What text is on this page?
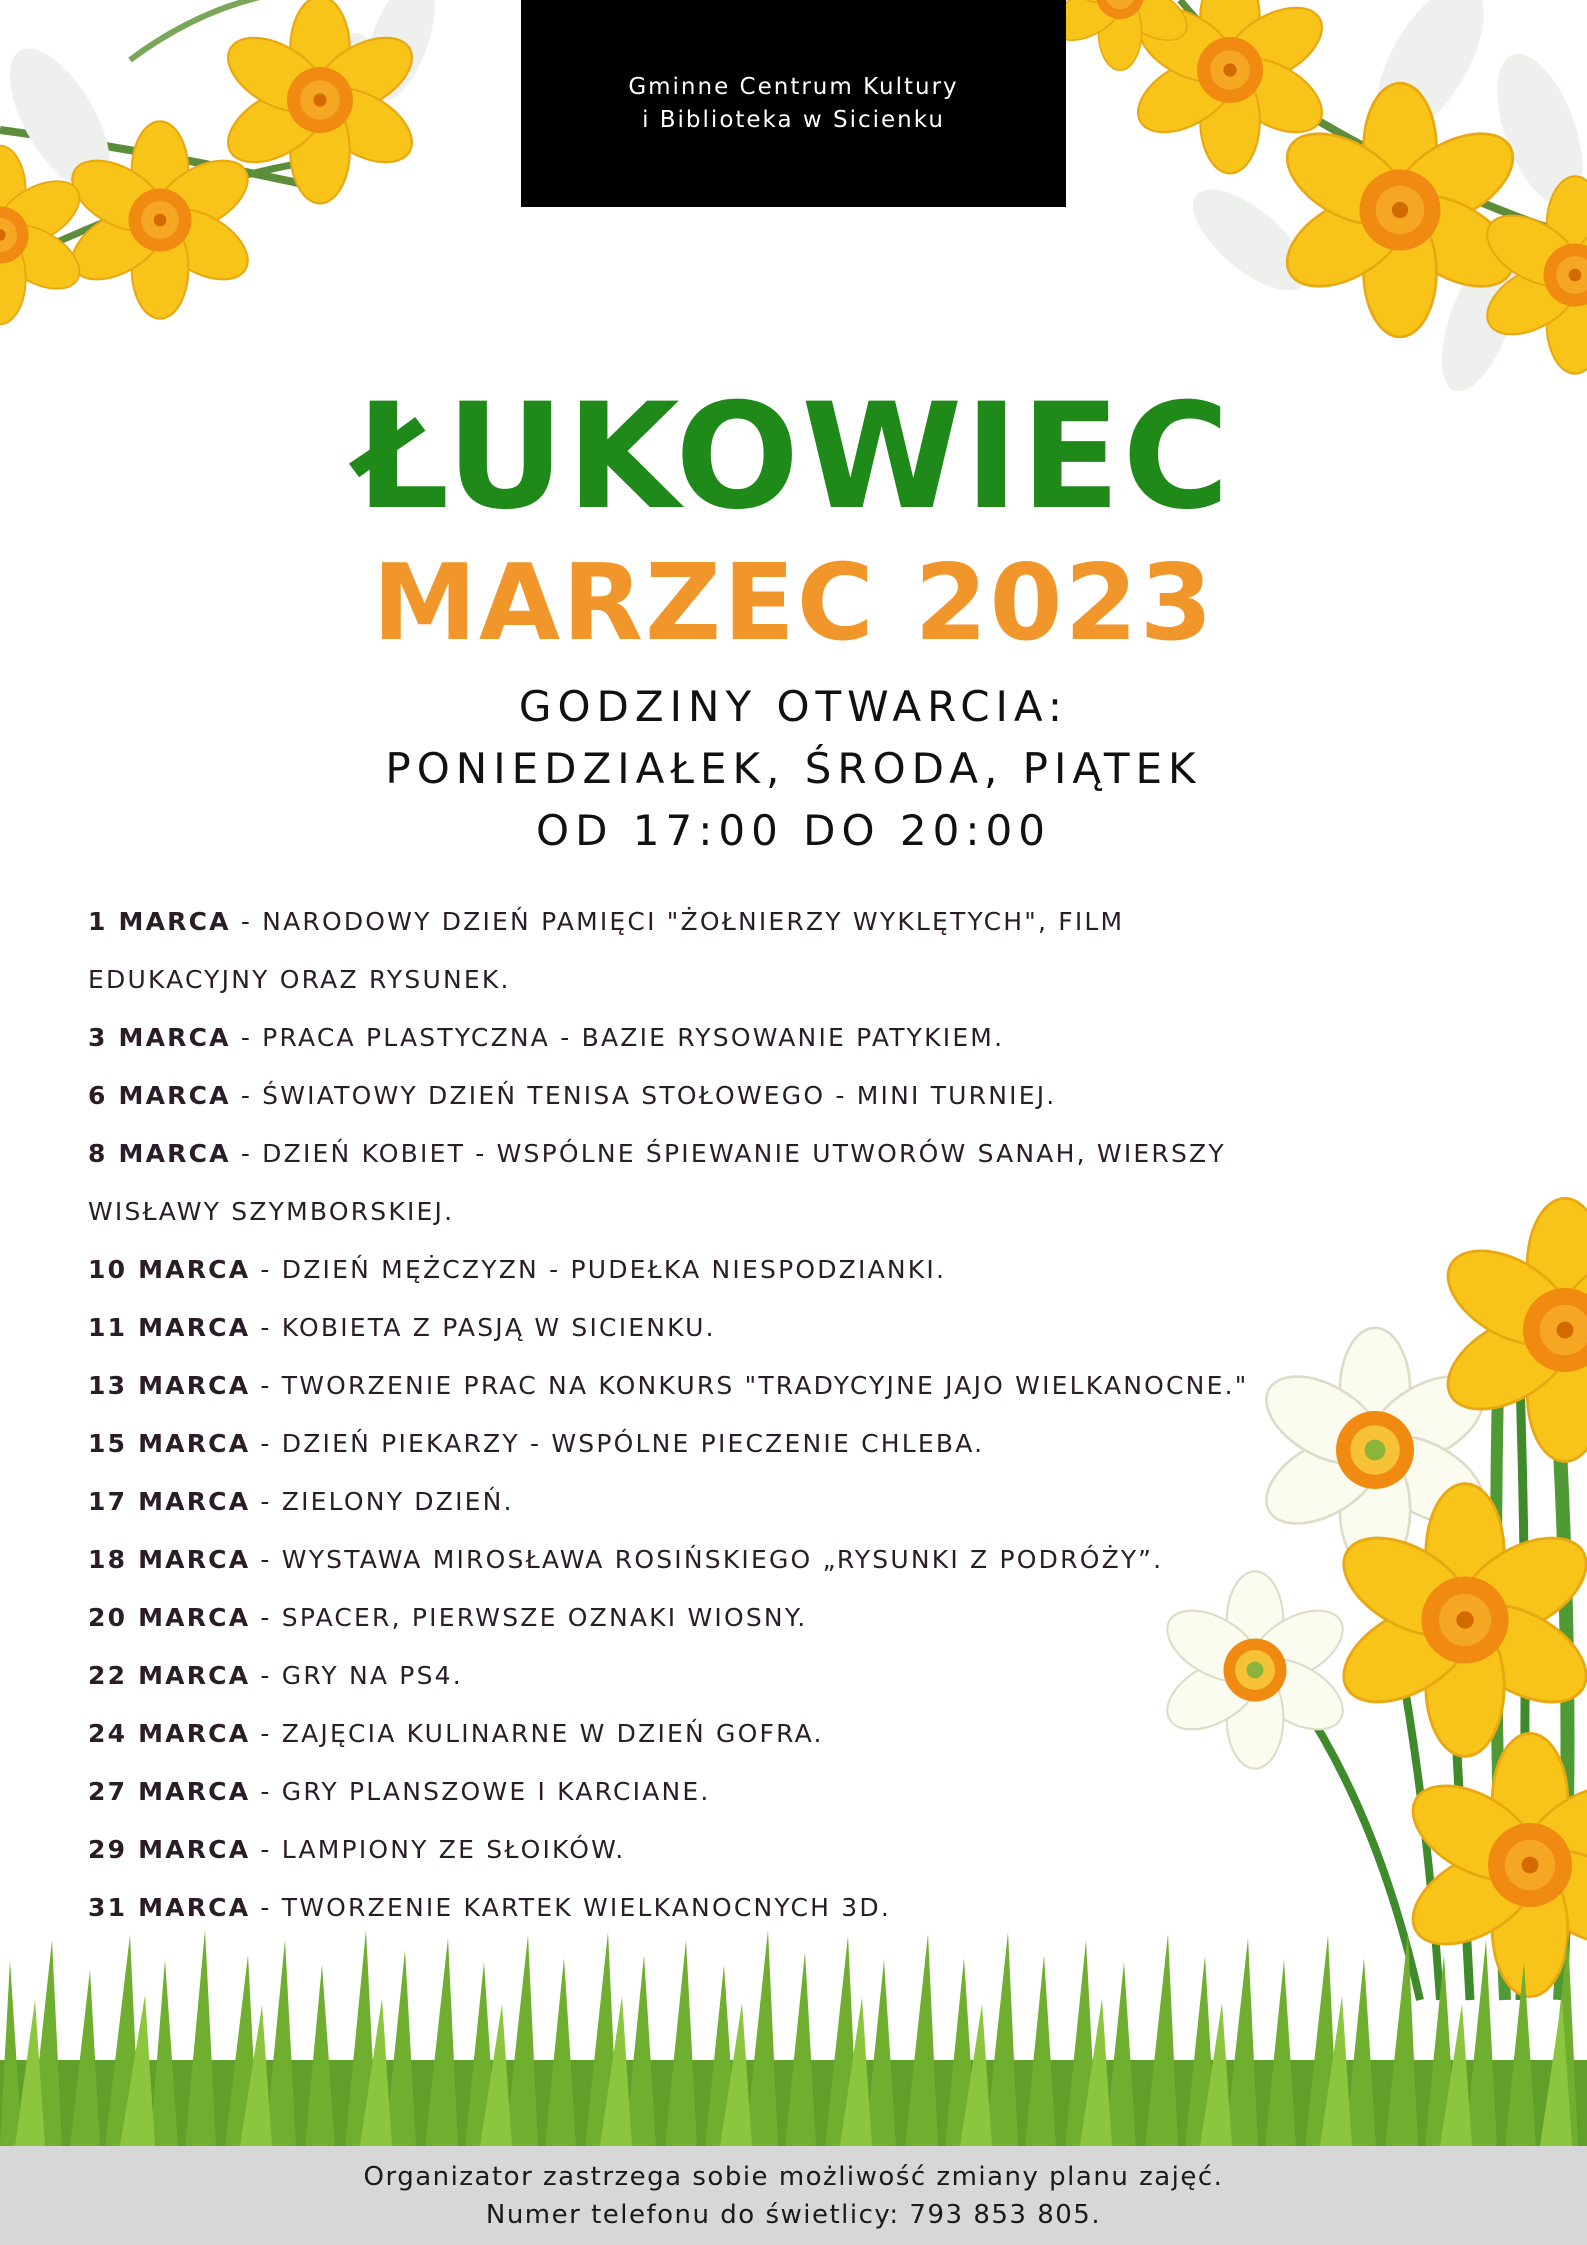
Gminne Centrum Kultury
i Biblioteka w Sicienku
ŁUKOWIEC
MARZEC 2023
GODZINY OTWARCIA:
PONIEDZIAŁEK, ŚRODA, PIĄTEK
OD 17:00 DO 20:00
1 MARCA - NARODOWY DZIEŃ PAMIĘCI "ŻOŁNIERZY WYKLĘTYCH", FILM
EDUKACYJNY ORAZ RYSUNEK.
3 MARCA - PRACA PLASTYCZNA - BAZIE RYSOWANIE PATYKIEM.
6 MARCA - ŚWIATOWY DZIEŃ TENISA STOŁOWEGO - MINI TURNIEJ.
8 MARCA - DZIEŃ KOBIET - WSPÓLNE ŚPIEWANIE UTWORÓW SANAH, WIERSZY
WISŁAWY SZYMBORSKIEJ.
10 MARCA - DZIEŃ MĘŻCZYZN - PUDEŁKA NIESPODZIANKI.
11 MARCA - KOBIETA Z PASJĄ W SICIENKU.
13 MARCA - TWORZENIE PRAC NA KONKURS "TRADYCYJNE JAJO WIELKANOCNE."
15 MARCA - DZIEŃ PIEKARZY - WSPÓLNE PIECZENIE CHLEBA.
17 MARCA - ZIELONY DZIEŃ.
18 MARCA - WYSTAWA MIROSŁAWA ROSIŃSKIEGO „RYSUNKI Z PODRÓŻY”.
20 MARCA - SPACER, PIERWSZE OZNAKI WIOSNY.
22 MARCA - GRY NA PS4.
24 MARCA - ZAJĘCIA KULINARNE W DZIEŃ GOFRA.
27 MARCA - GRY PLANSZOWE I KARCIANE.
29 MARCA - LAMPIONY ZE SŁOIKÓW.
31 MARCA - TWORZENIE KARTEK WIELKANOCNYCH 3D.
Organizator zastrzega sobie możliwość zmiany planu zajęć.
Numer telefonu do świetlicy: 793 853 805.
